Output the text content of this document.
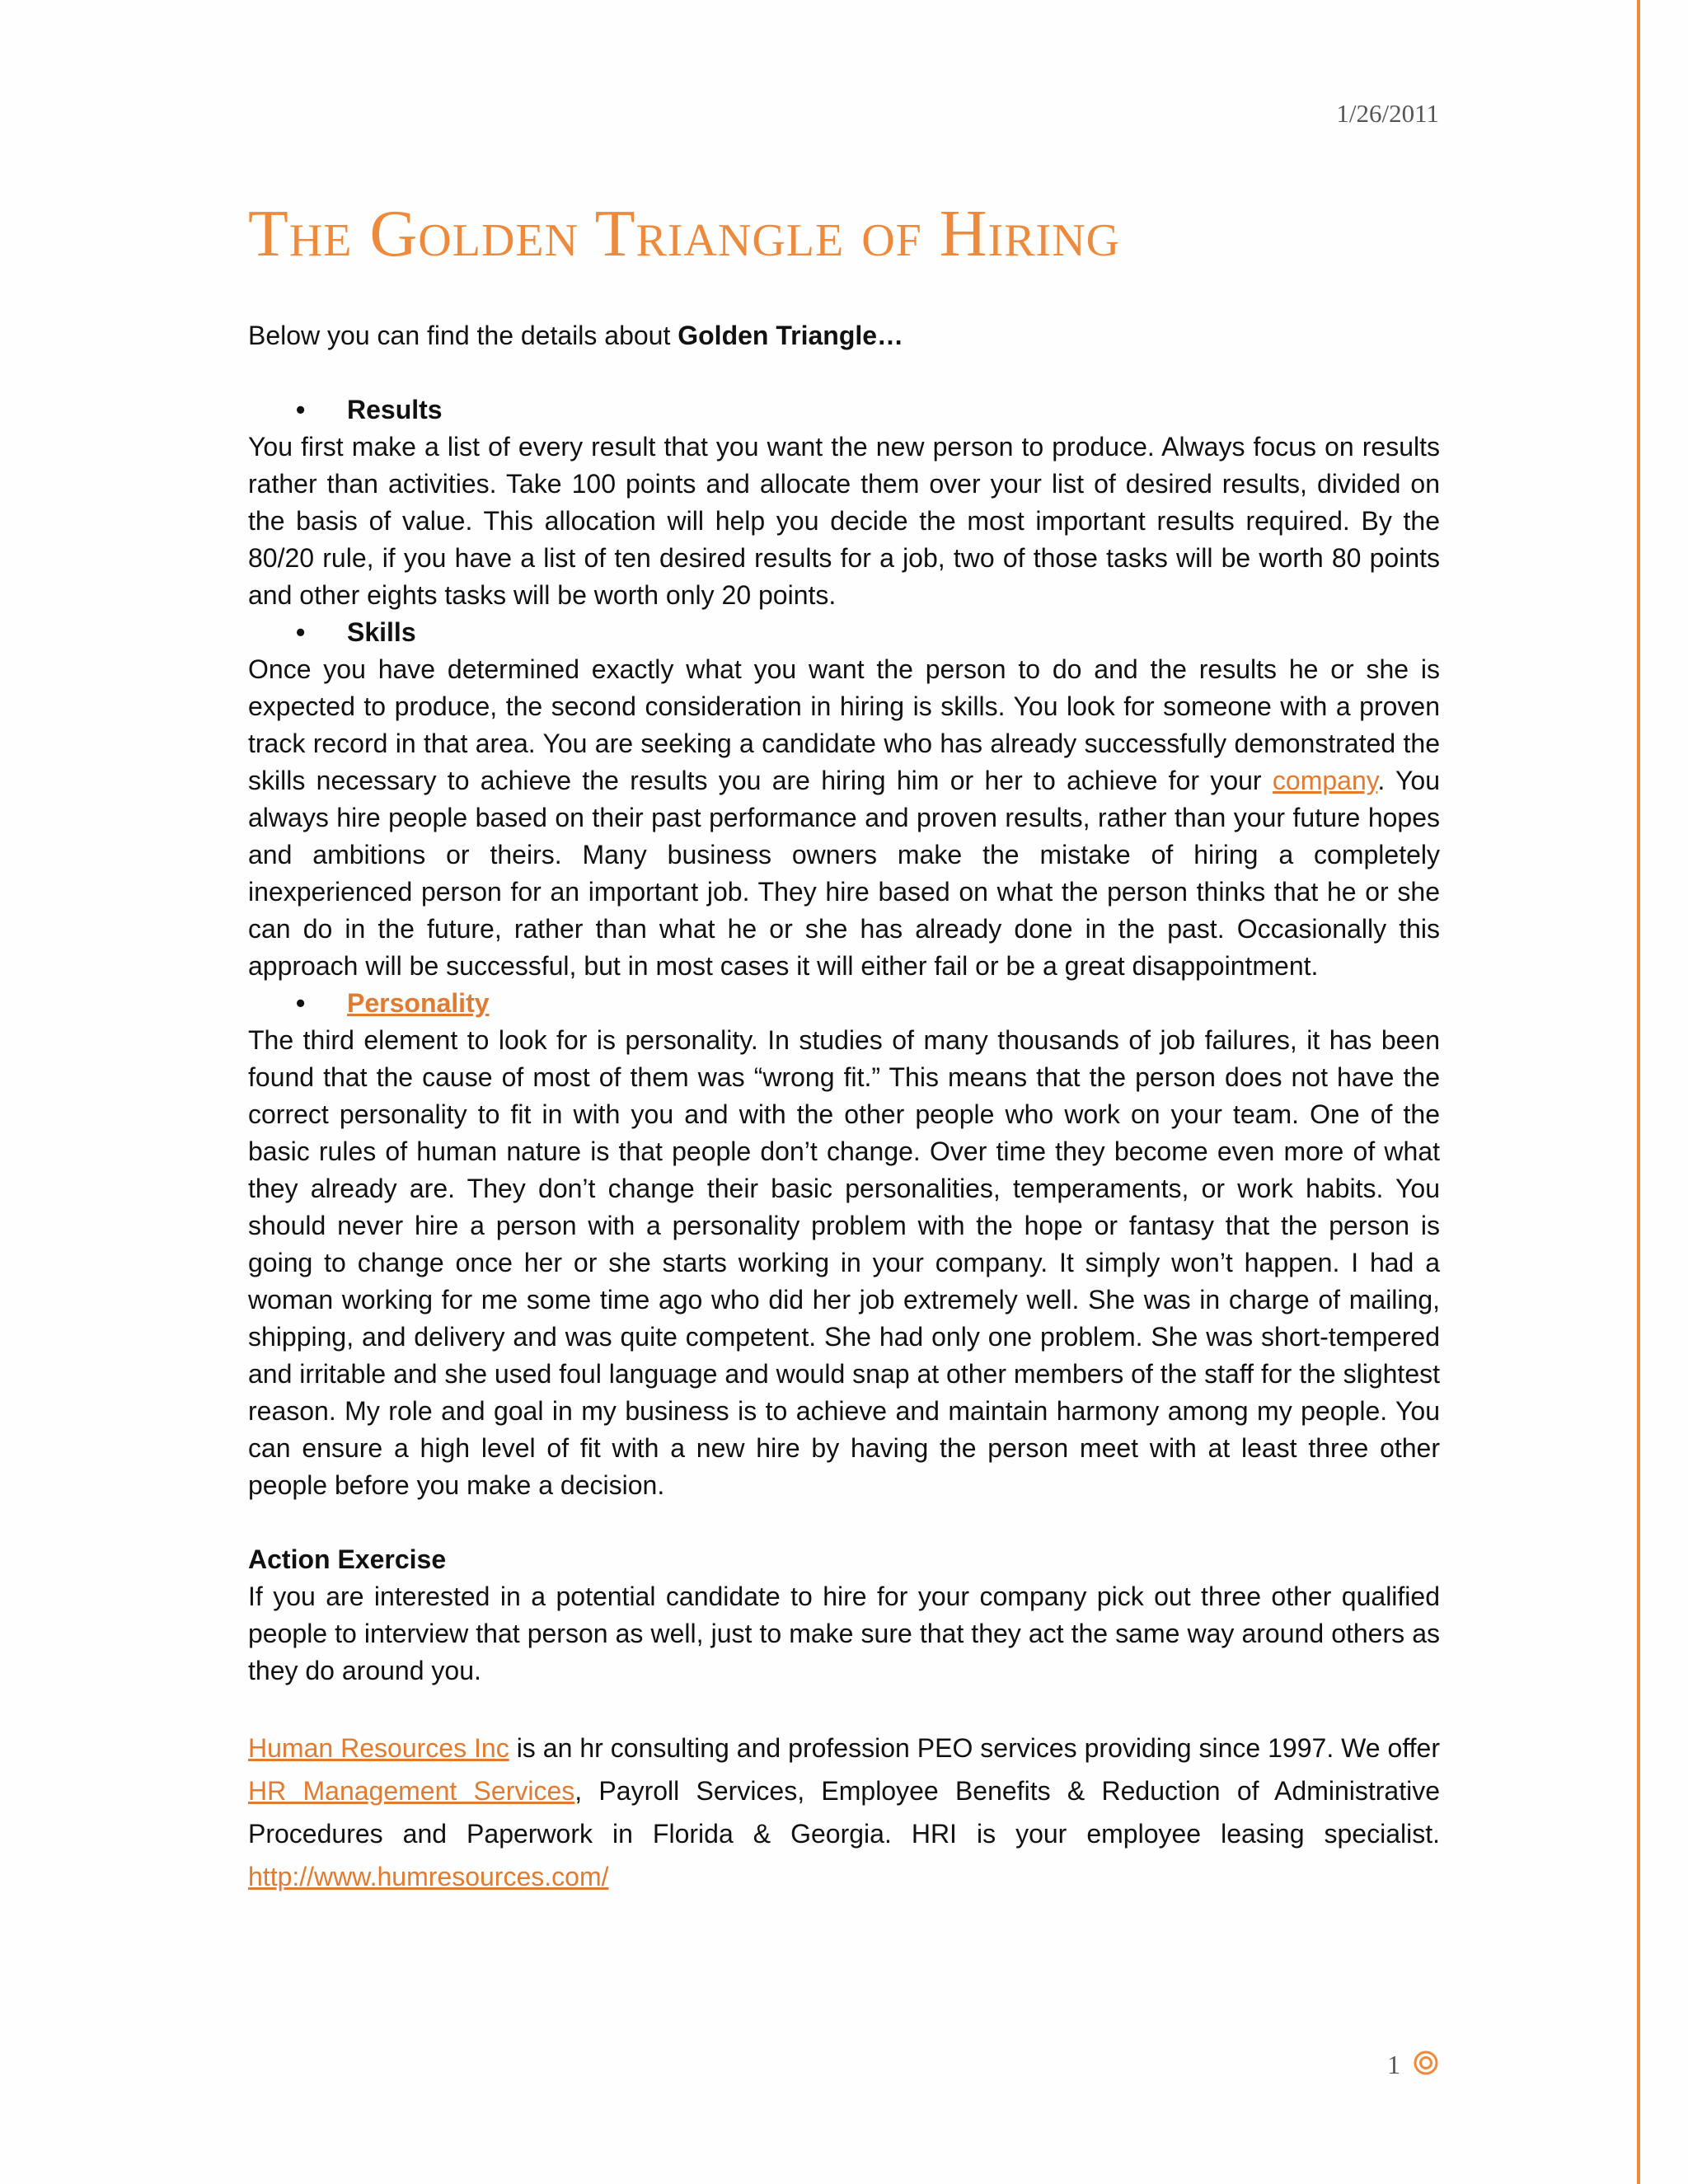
1/26/2011
The Golden Triangle of Hiring

Below you can find the details about Golden Triangle…

• Results

You first make a list of every result that you want the new person to produce. Always focus on results rather than activities. Take 100 points and allocate them over your list of desired results, divided on the basis of value. This allocation will help you decide the most important results required. By the 80/20 rule, if you have a list of ten desired results for a job, two of those tasks will be worth 80 points and other eights tasks will be worth only 20 points.

• Skills

Once you have determined exactly what you want the person to do and the results he or she is expected to produce, the second consideration in hiring is skills. You look for someone with a proven track record in that area. You are seeking a candidate who has already successfully demonstrated the skills necessary to achieve the results you are hiring him or her to achieve for your company. You always hire people based on their past performance and proven results, rather than your future hopes and ambitions or theirs. Many business owners make the mistake of hiring a completely inexperienced person for an important job. They hire based on what the person thinks that he or she can do in the future, rather than what he or she has already done in the past. Occasionally this approach will be successful, but in most cases it will either fail or be a great disappointment.

• Personality

The third element to look for is personality. In studies of many thousands of job failures, it has been found that the cause of most of them was “wrong fit.” This means that the person does not have the correct personality to fit in with you and with the other people who work on your team. One of the basic rules of human nature is that people don’t change. Over time they become even more of what they already are. They don’t change their basic personalities, temperaments, or work habits. You should never hire a person with a personality problem with the hope or fantasy that the person is going to change once her or she starts working in your company. It simply won’t happen. I had a woman working for me some time ago who did her job extremely well. She was in charge of mailing, shipping, and delivery and was quite competent. She had only one problem. She was short-tempered and irritable and she used foul language and would snap at other members of the staff for the slightest reason. My role and goal in my business is to achieve and maintain harmony among my people. You can ensure a high level of fit with a new hire by having the person meet with at least three other people before you make a decision.

Action Exercise

If you are interested in a potential candidate to hire for your company pick out three other qualified people to interview that person as well, just to make sure that they act the same way around others as they do around you.

Human Resources Inc is an hr consulting and profession PEO services providing since 1997. We offer HR Management Services, Payroll Services, Employee Benefits & Reduction of Administrative Procedures and Paperwork in Florida & Georgia. HRI is your employee leasing specialist. http://www.humresources.com/

1
